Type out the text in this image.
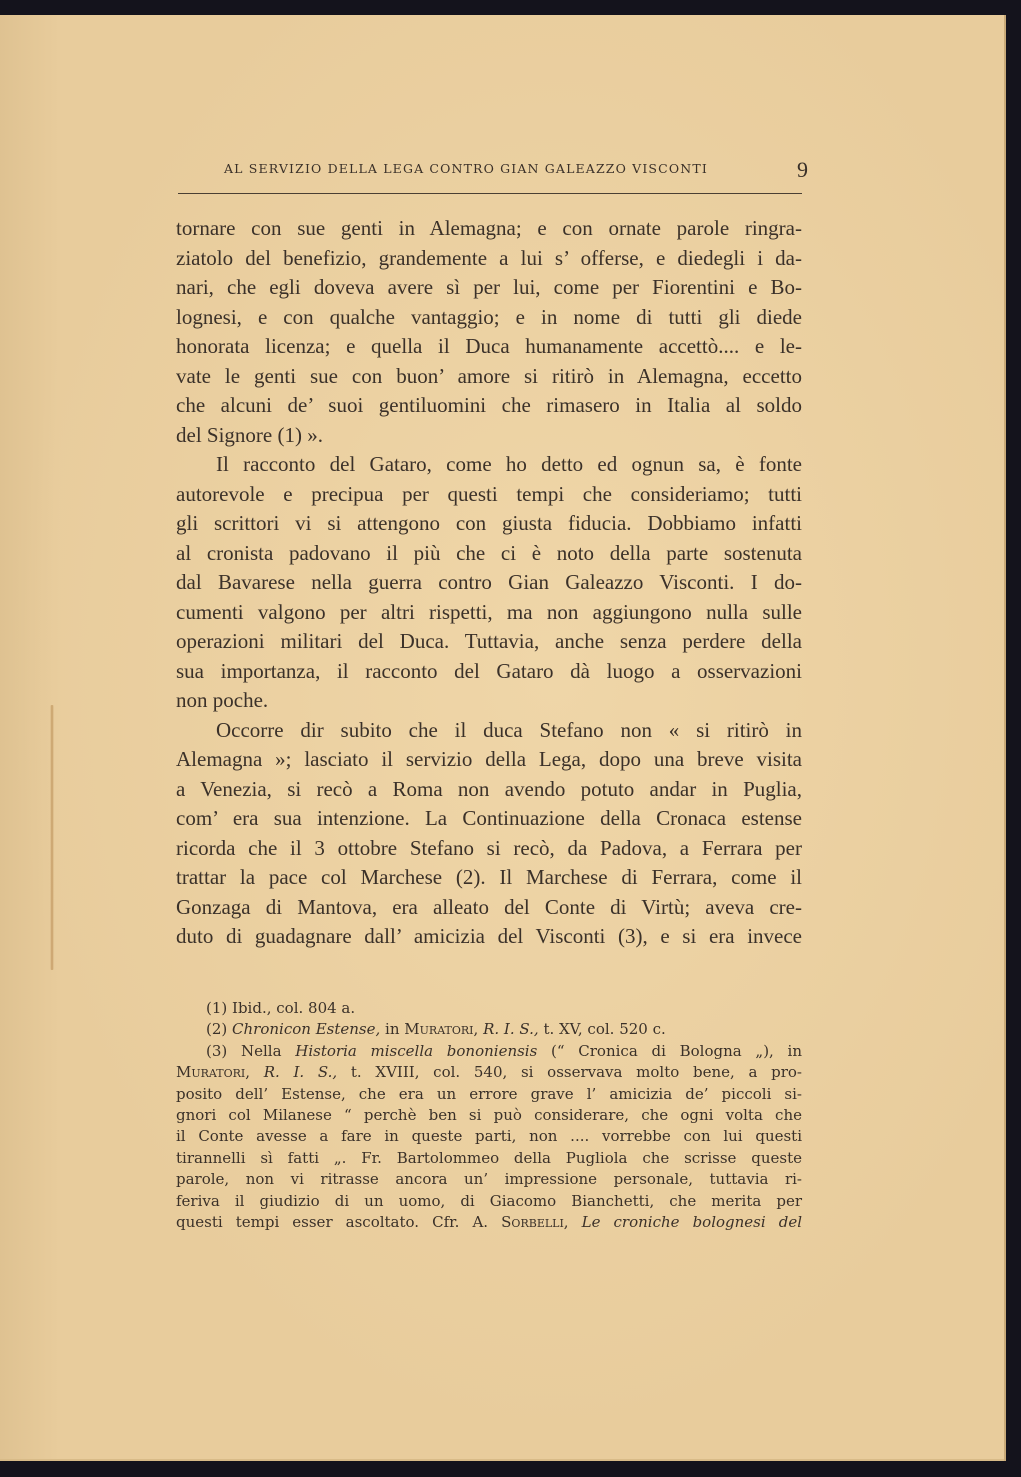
AL SERVIZIO DELLA LEGA CONTRO GIAN GALEAZZO VISCONTI	9
tornare con sue genti in Alemagna; e con ornate parole ringra-
ziatolo del benefizio, grandemente a lui s’ offerse, e diedegli i da-
nari, che egli doveva avere sì per lui, come per Fiorentini e Bo-
lognesi, e con qualche vantaggio; e in nome di tutti gli diede
honorata licenza; e quella il Duca humanamente accettò.... e le-
vate le genti sue con buon’ amore si ritirò in Alemagna, eccetto
che alcuni de’ suoi gentiluomini che rimasero in Italia al soldo
del Signore (1) ».
Il racconto del Gataro, come ho detto ed ognun sa, è fonte
autorevole e precipua per questi tempi che consideriamo; tutti
gli scrittori vi si attengono con giusta fiducia. Dobbiamo infatti
al cronista padovano il più che ci è noto della parte sostenuta
dal Bavarese nella guerra contro Gian Galeazzo Visconti. I do-
cumenti valgono per altri rispetti, ma non aggiungono nulla sulle
operazioni militari del Duca. Tuttavia, anche senza perdere della
sua importanza, il racconto del Gataro dà luogo a osservazioni
non poche.
Occorre dir subito che il duca Stefano non « si ritirò in
Alemagna »; lasciato il servizio della Lega, dopo una breve visita
a Venezia, si recò a Roma non avendo potuto andar in Puglia,
com’ era sua intenzione. La Continuazione della Cronaca estense
ricorda che il 3 ottobre Stefano si recò, da Padova, a Ferrara per
trattar la pace col Marchese (2). Il Marchese di Ferrara, come il
Gonzaga di Mantova, era alleato del Conte di Virtù; aveva cre-
duto di guadagnare dall’ amicizia del Visconti (3), e si era invece
(1) Ibid., col. 804 a.
(2) Chronicon Estense, in Muratori, R. I. S., t. XV, col. 520 c.
(3) Nella Historia miscella bononiensis (“ Cronica di Bologna „), in
Muratori, R. I. S., t. XVIII, col. 540, si osservava molto bene, a pro-
posito dell’ Estense, che era un errore grave l’ amicizia de’ piccoli si-
gnori col Milanese “ perchè ben si può considerare, che ogni volta che
il Conte avesse a fare in queste parti, non .... vorrebbe con lui questi
tirannelli sì fatti „. Fr. Bartolommeo della Pugliola che scrisse queste
parole, non vi ritrasse ancora un’ impressione personale, tuttavia ri-
feriva il giudizio di un uomo, di Giacomo Bianchetti, che merita per
questi tempi esser ascoltato. Cfr. A. Sorbelli, Le croniche bolognesi del
